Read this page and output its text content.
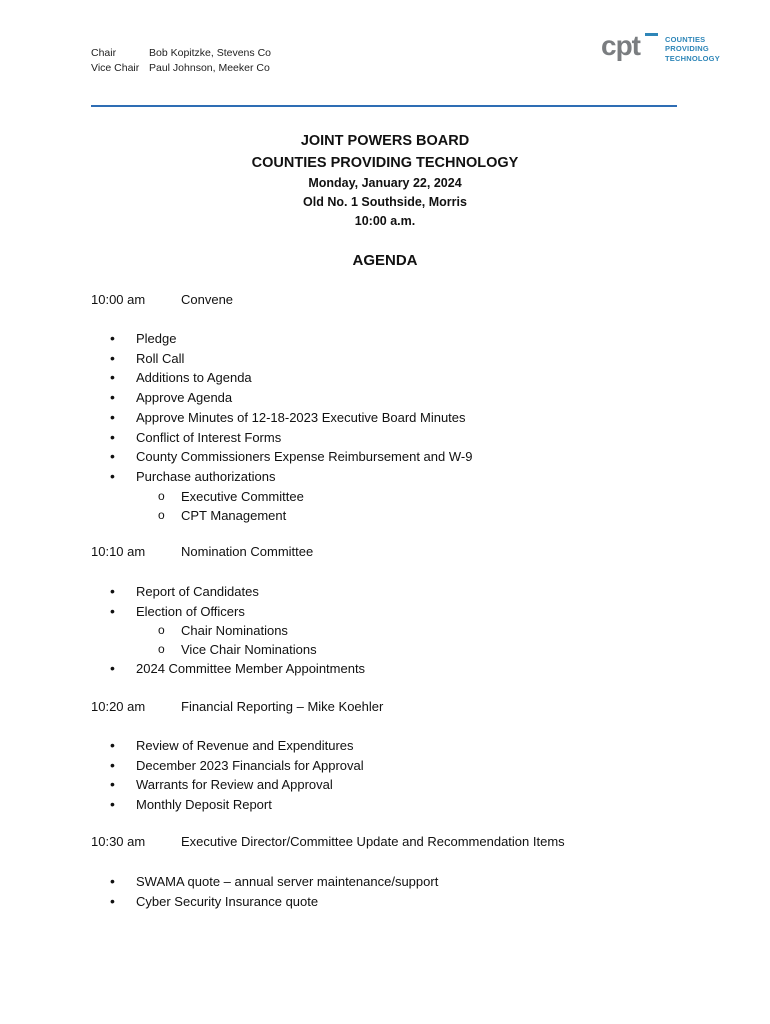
Chair	Bob Kopitzke, Stevens Co
Vice Chair Paul Johnson, Meeker Co
cpt	COUNTIES
PROVIDING
TECHNOLOGY
JOINT POWERS BOARD
COUNTIES PROVIDING TECHNOLOGY
Monday, January 22, 2024
Old No. 1 Southside, Morris
10:00 a.m.
AGENDA
10:00 am	Convene
• Pledge
• Roll Call
• Additions to Agenda
• Approve Agenda
• Approve Minutes of 12-18-2023 Executive Board Minutes
• Conflict of Interest Forms
• County Commissioners Expense Reimbursement and W-9
• Purchase authorizations
o Executive Committee
o CPT Management
10:10 am	Nomination Committee
• Report of Candidates
• Election of Officers
o Chair Nominations
o Vice Chair Nominations
• 2024 Committee Member Appointments
10:20 am	Financial Reporting – Mike Koehler
• Review of Revenue and Expenditures
• December 2023 Financials for Approval
• Warrants for Review and Approval
• Monthly Deposit Report
10:30 am	Executive Director/Committee Update and Recommendation Items
• SWAMA quote – annual server maintenance/support
• Cyber Security Insurance quote
